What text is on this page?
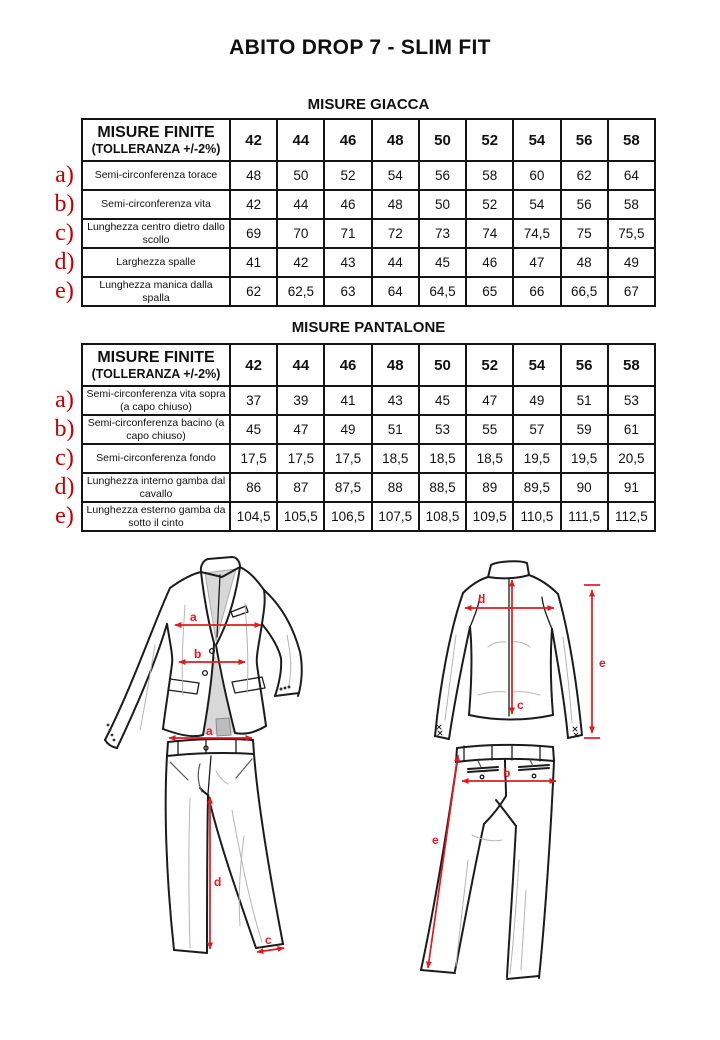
ABITO DROP 7 - SLIM FIT
MISURE GIACCA
a)
b)
c)
d)
e)
MISURE FINITE
(TOLLERANZA +/-2%)	42	44	46	48	50	52	54	56	58
Semi-circonferenza torace	48	50	52	54	56	58	60	62	64
Semi-circonferenza vita	42	44	46	48	50	52	54	56	58
Lunghezza centro dietro dallo scollo	69	70	71	72	73	74	74,5	75	75,5
Larghezza spalle	41	42	43	44	45	46	47	48	49
Lunghezza manica dalla spalla	62	62,5	63	64	64,5	65	66	66,5	67
MISURE PANTALONE
a)
b)
c)
d)
e)
MISURE FINITE
(TOLLERANZA +/-2%)	42	44	46	48	50	52	54	56	58
Semi-circonferenza vita sopra (a capo chiuso)	37	39	41	43	45	47	49	51	53
Semi-circonferenza bacino (a capo chiuso)	45	47	49	51	53	55	57	59	61
Semi-circonferenza fondo	17,5	17,5	17,5	18,5	18,5	18,5	19,5	19,5	20,5
Lunghezza interno gamba dal cavallo	86	87	87,5	88	88,5	89	89,5	90	91
Lunghezza esterno gamba da sotto il cinto	104,5	105,5	106,5	107,5	108,5	109,5	110,5	111,5	112,5
a
b
d
c
e
a
d
c
b
e
